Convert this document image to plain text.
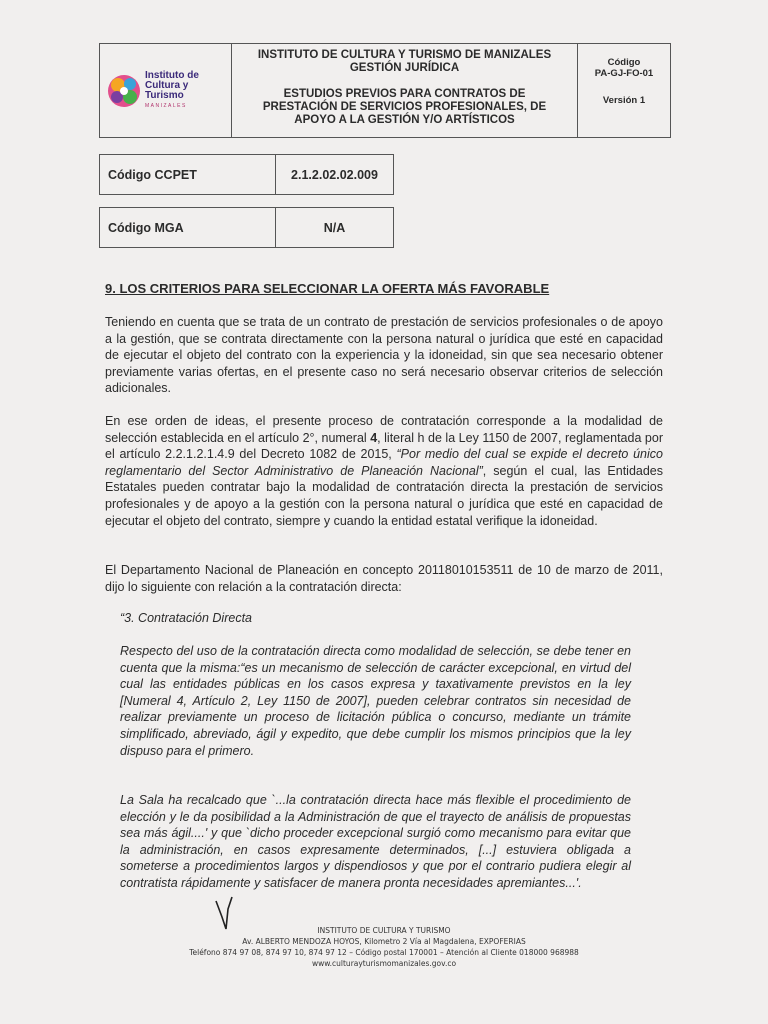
Instituto de Cultura y Turismo
MANIZALES
INSTITUTO DE CULTURA Y TURISMO DE MANIZALES
GESTIÓN JURÍDICA
ESTUDIOS PREVIOS PARA CONTRATOS DE
PRESTACIÓN DE SERVICIOS PROFESIONALES, DE
APOYO A LA GESTIÓN Y/O ARTÍSTICOS
Código
PA-GJ-FO-01
Versión 1
Código CCPET	2.1.2.02.02.009
Código MGA	N/A
9. LOS CRITERIOS PARA SELECCIONAR LA OFERTA MÁS FAVORABLE
Teniendo en cuenta que se trata de un contrato de prestación de servicios profesionales o de apoyo a la gestión, que se contrata directamente con la persona natural o jurídica que esté en capacidad de ejecutar el objeto del contrato con la experiencia y la idoneidad, sin que sea necesario obtener previamente varias ofertas, en el presente caso no será necesario observar criterios de selección adicionales.
En ese orden de ideas, el presente proceso de contratación corresponde a la modalidad de selección establecida en el artículo 2°, numeral 4, literal h de la Ley 1150 de 2007, reglamentada por el artículo 2.2.1.2.1.4.9 del Decreto 1082 de 2015, “Por medio del cual se expide el decreto único reglamentario del Sector Administrativo de Planeación Nacional”, según el cual, las Entidades Estatales pueden contratar bajo la modalidad de contratación directa la prestación de servicios profesionales y de apoyo a la gestión con la persona natural o jurídica que esté en capacidad de ejecutar el objeto del contrato, siempre y cuando la entidad estatal verifique la idoneidad.
El Departamento Nacional de Planeación en concepto 20118010153511 de 10 de marzo de 2011, dijo lo siguiente con relación a la contratación directa:
“3. Contratación Directa
Respecto del uso de la contratación directa como modalidad de selección, se debe tener en cuenta que la misma:“es un mecanismo de selección de carácter excepcional, en virtud del cual las entidades públicas en los casos expresa y taxativamente previstos en la ley [Numeral 4, Artículo 2, Ley 1150 de 2007], pueden celebrar contratos sin necesidad de realizar previamente un proceso de licitación pública o concurso, mediante un trámite simplificado, abreviado, ágil y expedito, que debe cumplir los mismos principios que la ley dispuso para el primero.
La Sala ha recalcado que `...la contratación directa hace más flexible el procedimiento de elección y le da posibilidad a la Administración de que el trayecto de análisis de propuestas sea más ágil....' y que `dicho proceder excepcional surgió como mecanismo para evitar que la administración, en casos expresamente determinados, [...] estuviera obligada a someterse a procedimientos largos y dispendiosos y que por el contrario pudiera elegir al contratista rápidamente y satisfacer de manera pronta necesidades apremiantes...'.
INSTITUTO DE CULTURA Y TURISMO
Av. ALBERTO MENDOZA HOYOS, Kilometro 2 Vía al Magdalena, EXPOFERIAS
Teléfono 874 97 08, 874 97 10, 874 97 12 – Código postal 170001 – Atención al Cliente 018000 968988
www.culturayturismomanizales.gov.co
